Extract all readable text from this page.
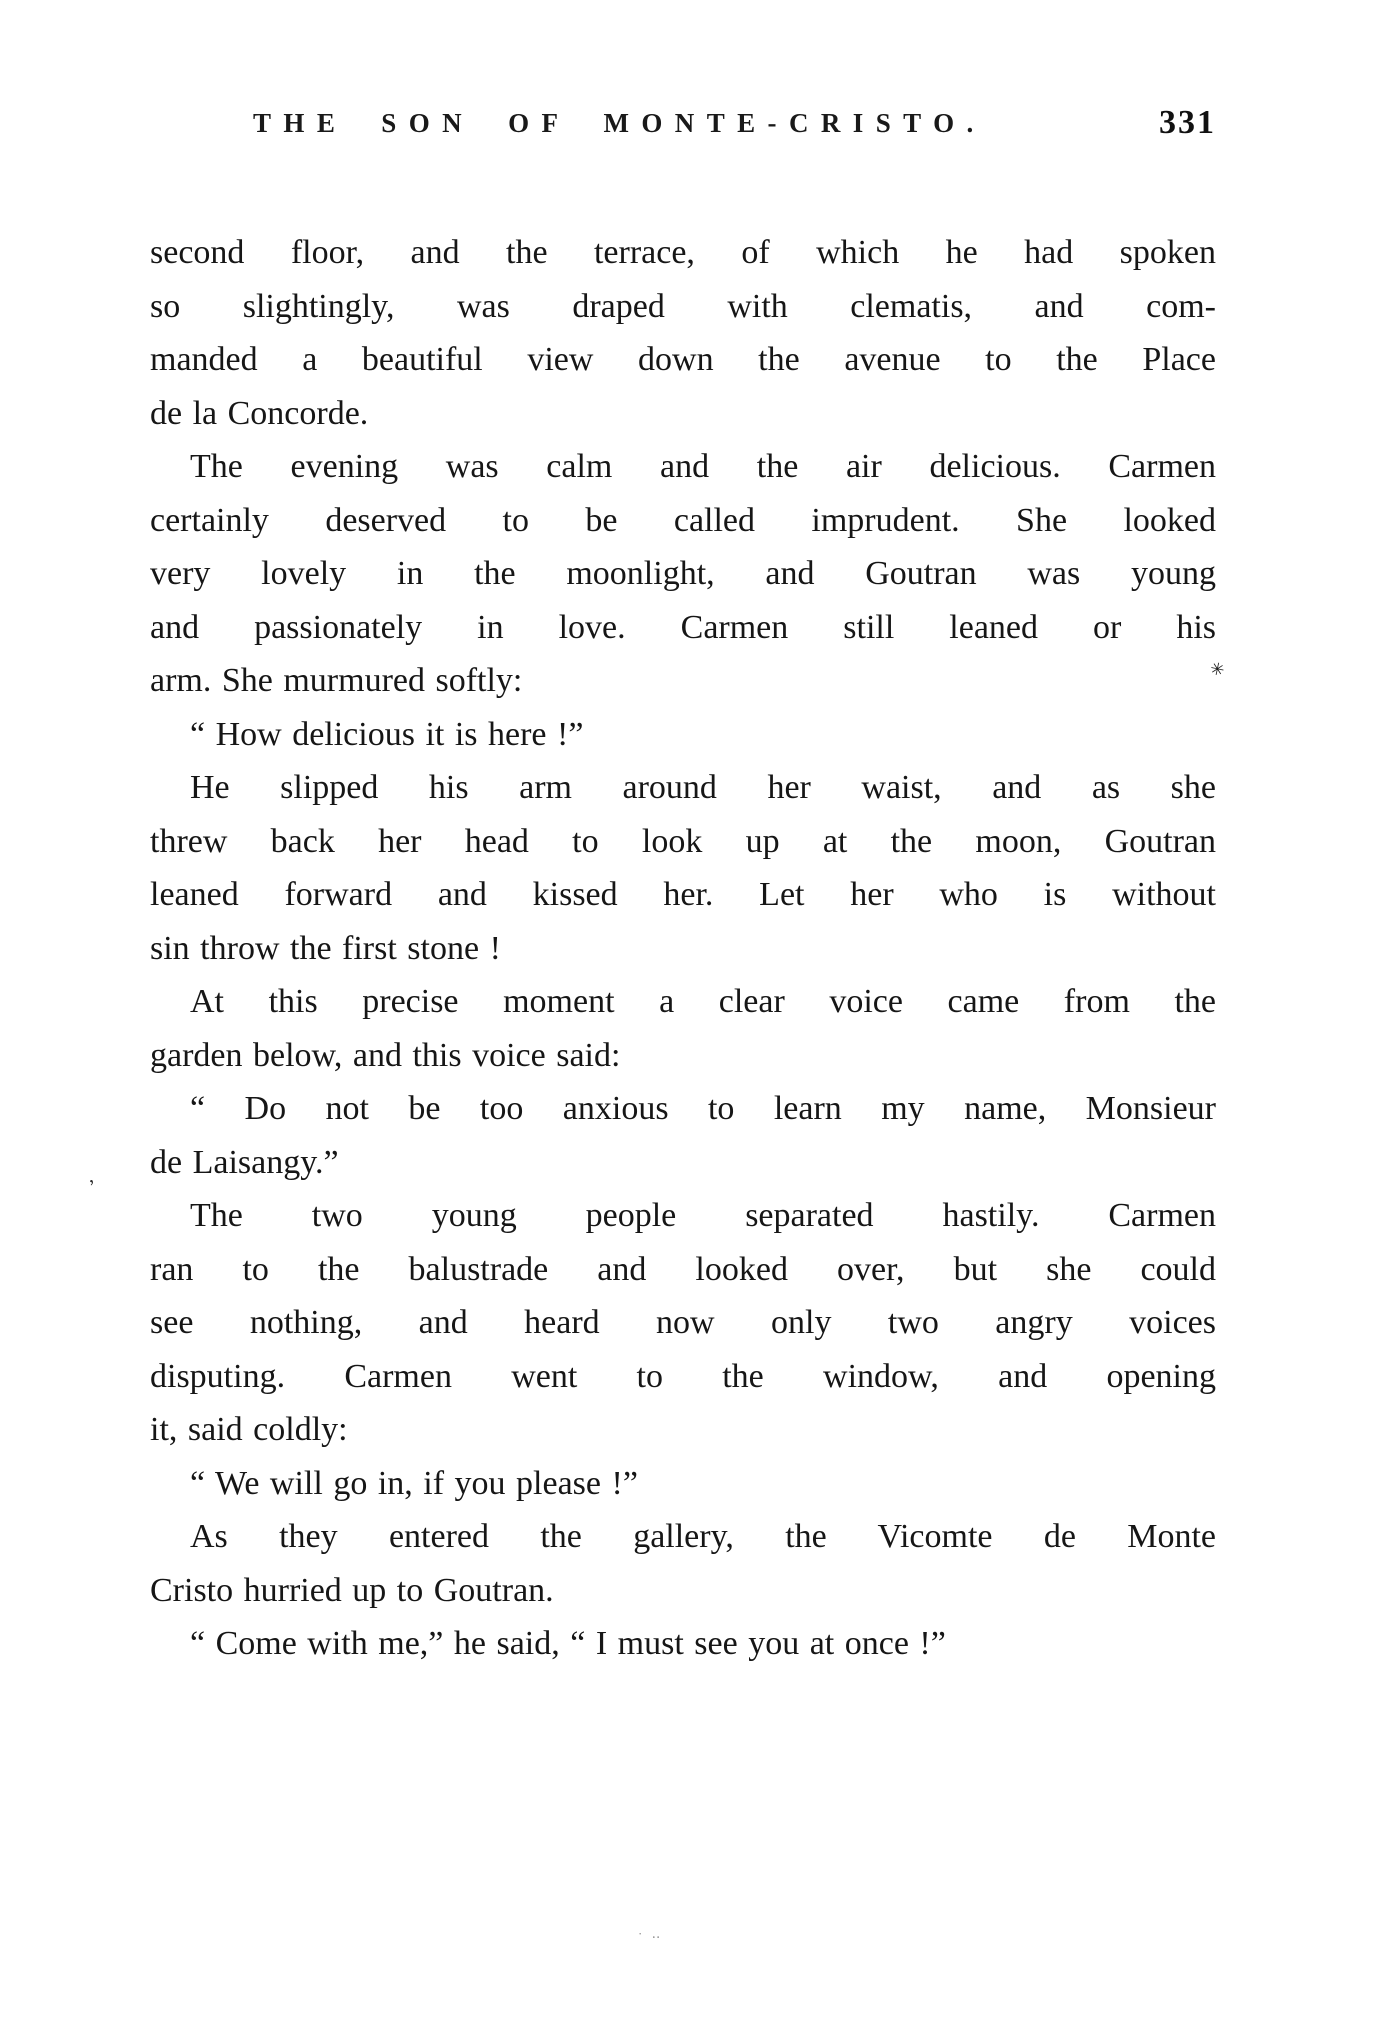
THE SON OF MONTE-CRISTO.	331
second floor, and the terrace, of which he had spoken
so slightingly, was draped with clematis, and com-
manded a beautiful view down the avenue to the Place
de la Concorde.
The evening was calm and the air delicious. Carmen
certainly deserved to be called imprudent. She looked
very lovely in the moonlight, and Goutran was young
and passionately in love. Carmen still leaned or his
arm. She murmured softly:
“ How delicious it is here !”
He slipped his arm around her waist, and as she
threw back her head to look up at the moon, Goutran
leaned forward and kissed her. Let her who is without
sin throw the first stone !
At this precise moment a clear voice came from the
garden below, and this voice said:
“ Do not be too anxious to learn my name, Monsieur
de Laisangy.”
The two young people separated hastily. Carmen
ran to the balustrade and looked over, but she could
see nothing, and heard now only two angry voices
disputing. Carmen went to the window, and opening
it, said coldly:
“ We will go in, if you please !”
As they entered the gallery, the Vicomte de Monte
Cristo hurried up to Goutran.
“ Come with me,” he said, “ I must see you at once !”
✳
ʼ
· ‥
